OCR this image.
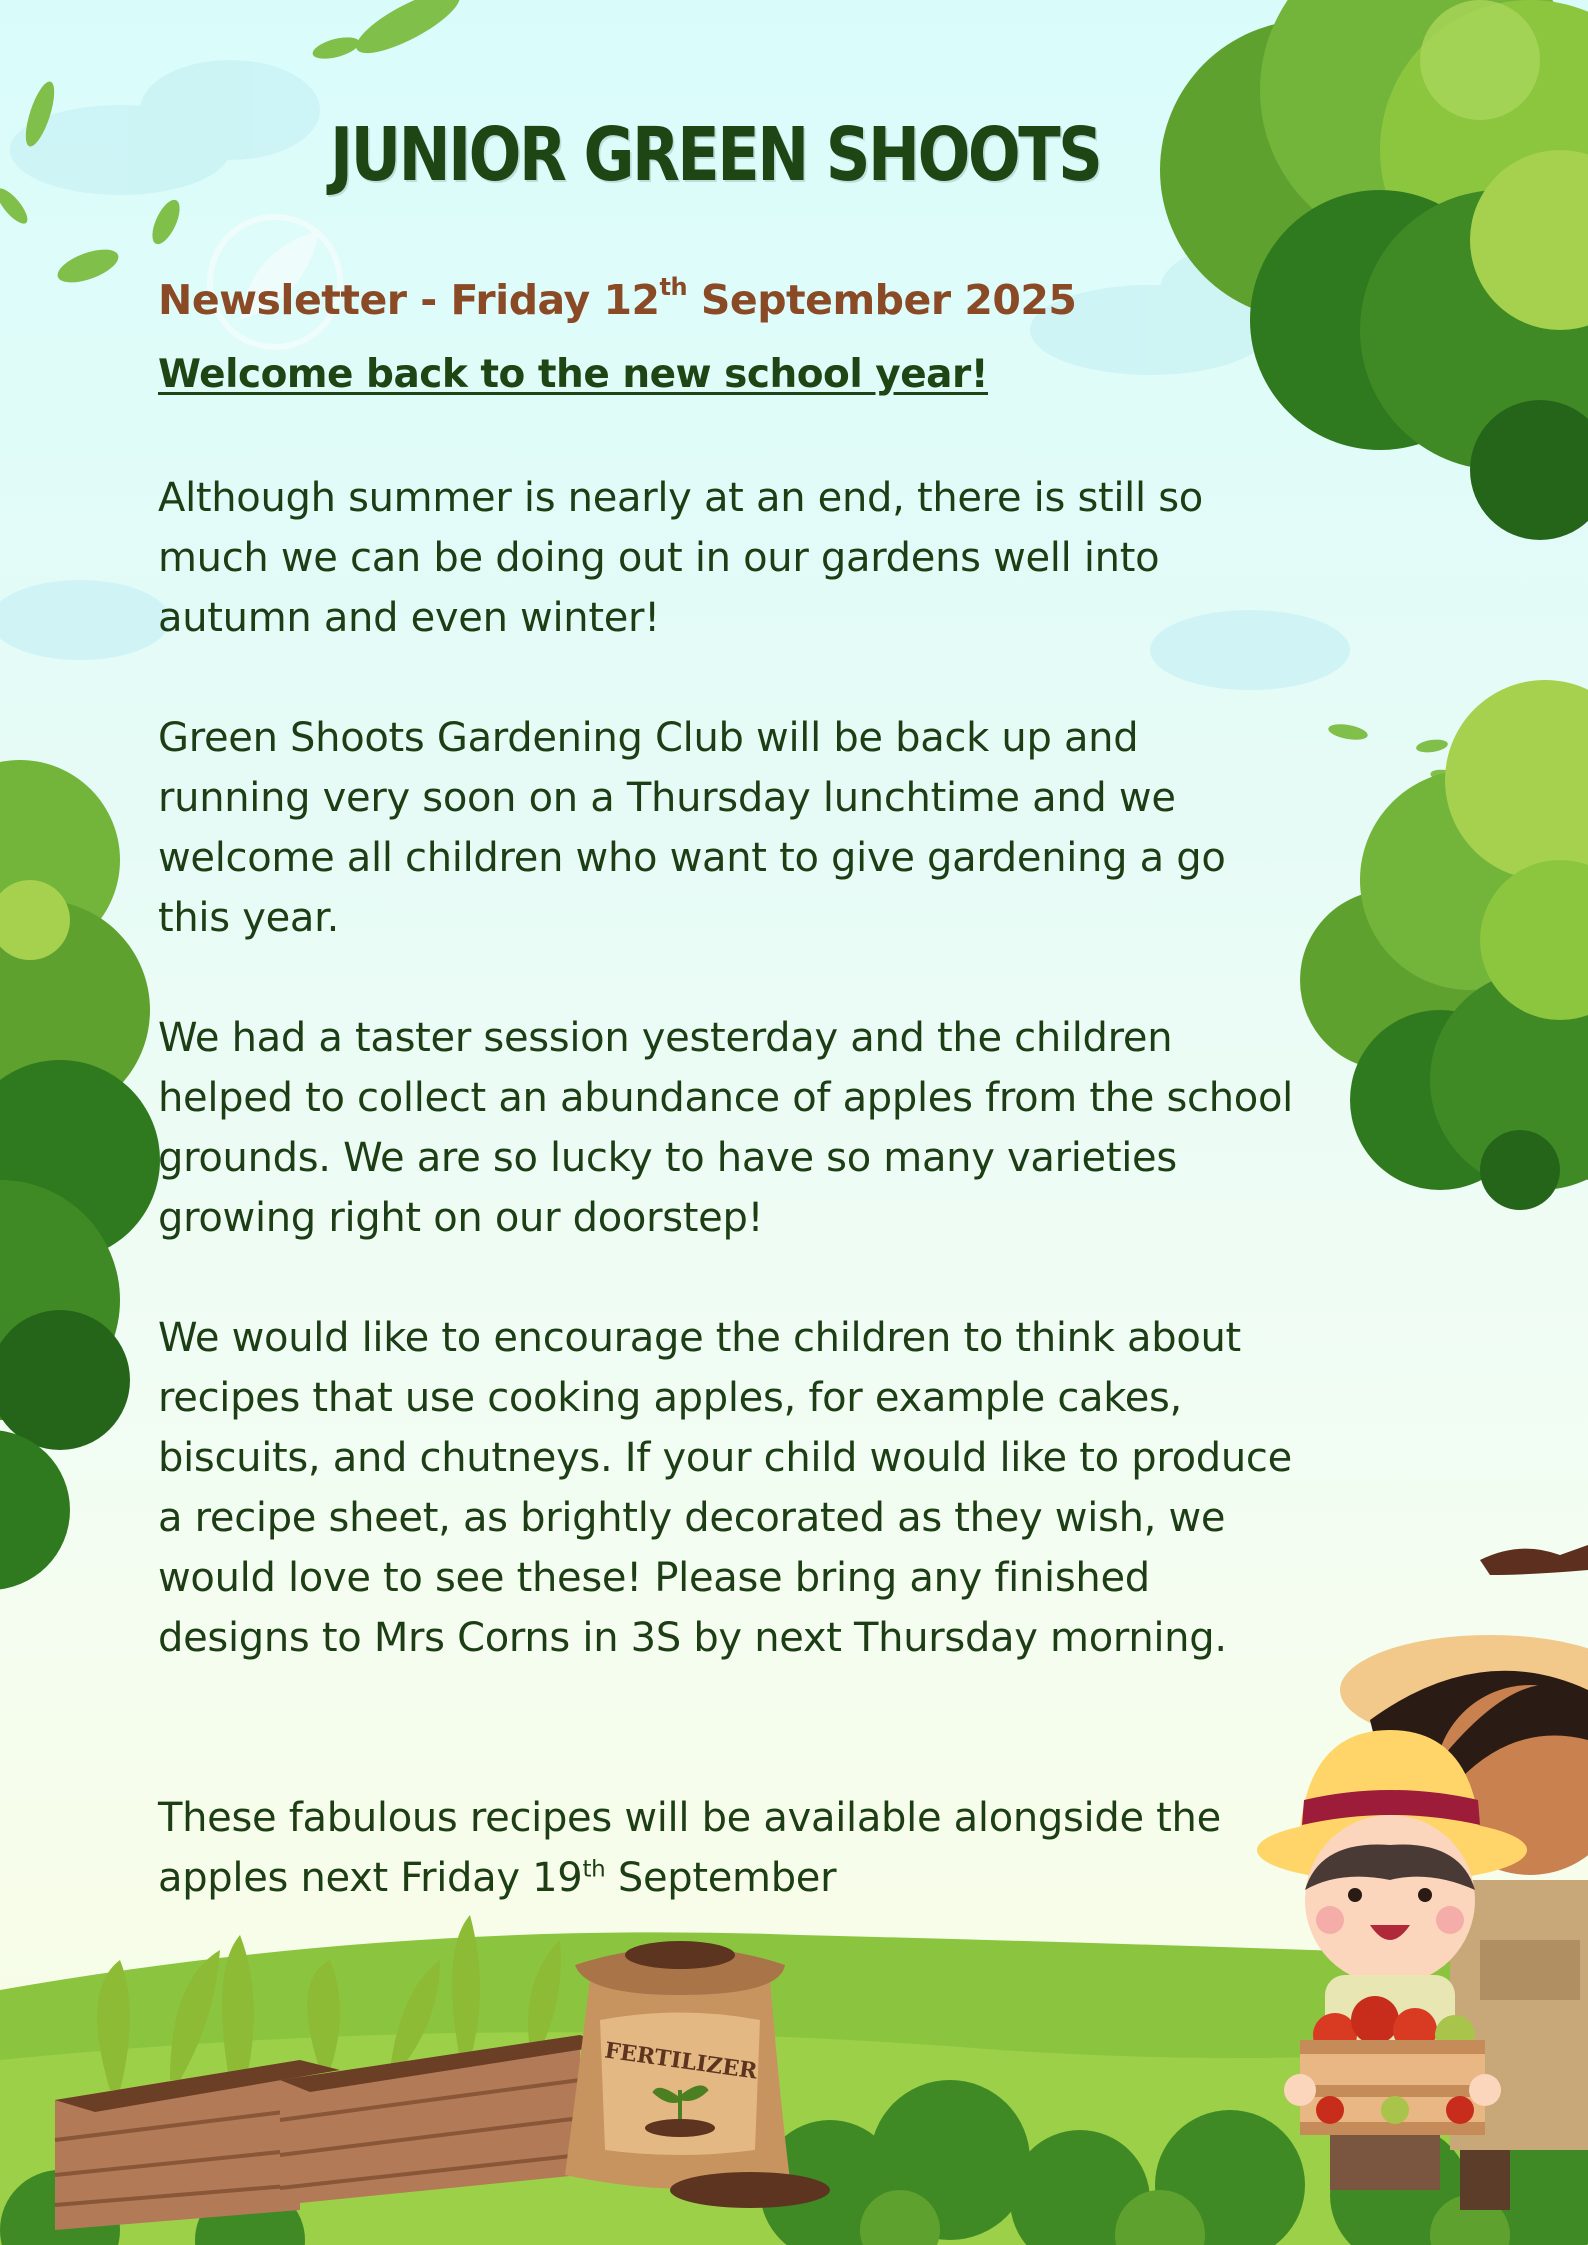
FERTILIZER
JUNIOR GREEN SHOOTS

Newsletter - Friday 12th September 2025

Welcome back to the new school year!

Although summer is nearly at an end, there is still so much we can be doing out in our gardens well into autumn and even winter!

Green Shoots Gardening Club will be back up and running very soon on a Thursday lunchtime and we welcome all children who want to give gardening a go this year.

We had a taster session yesterday and the children helped to collect an abundance of apples from the school grounds. We are so lucky to have so many varieties growing right on our doorstep!

We would like to encourage the children to think about recipes that use cooking apples, for example cakes, biscuits, and chutneys. If your child would like to produce a recipe sheet, as brightly decorated as they wish, we would love to see these! Please bring any finished designs to Mrs Corns in 3S by next Thursday morning.

These fabulous recipes will be available alongside the apples next Friday 19th September
